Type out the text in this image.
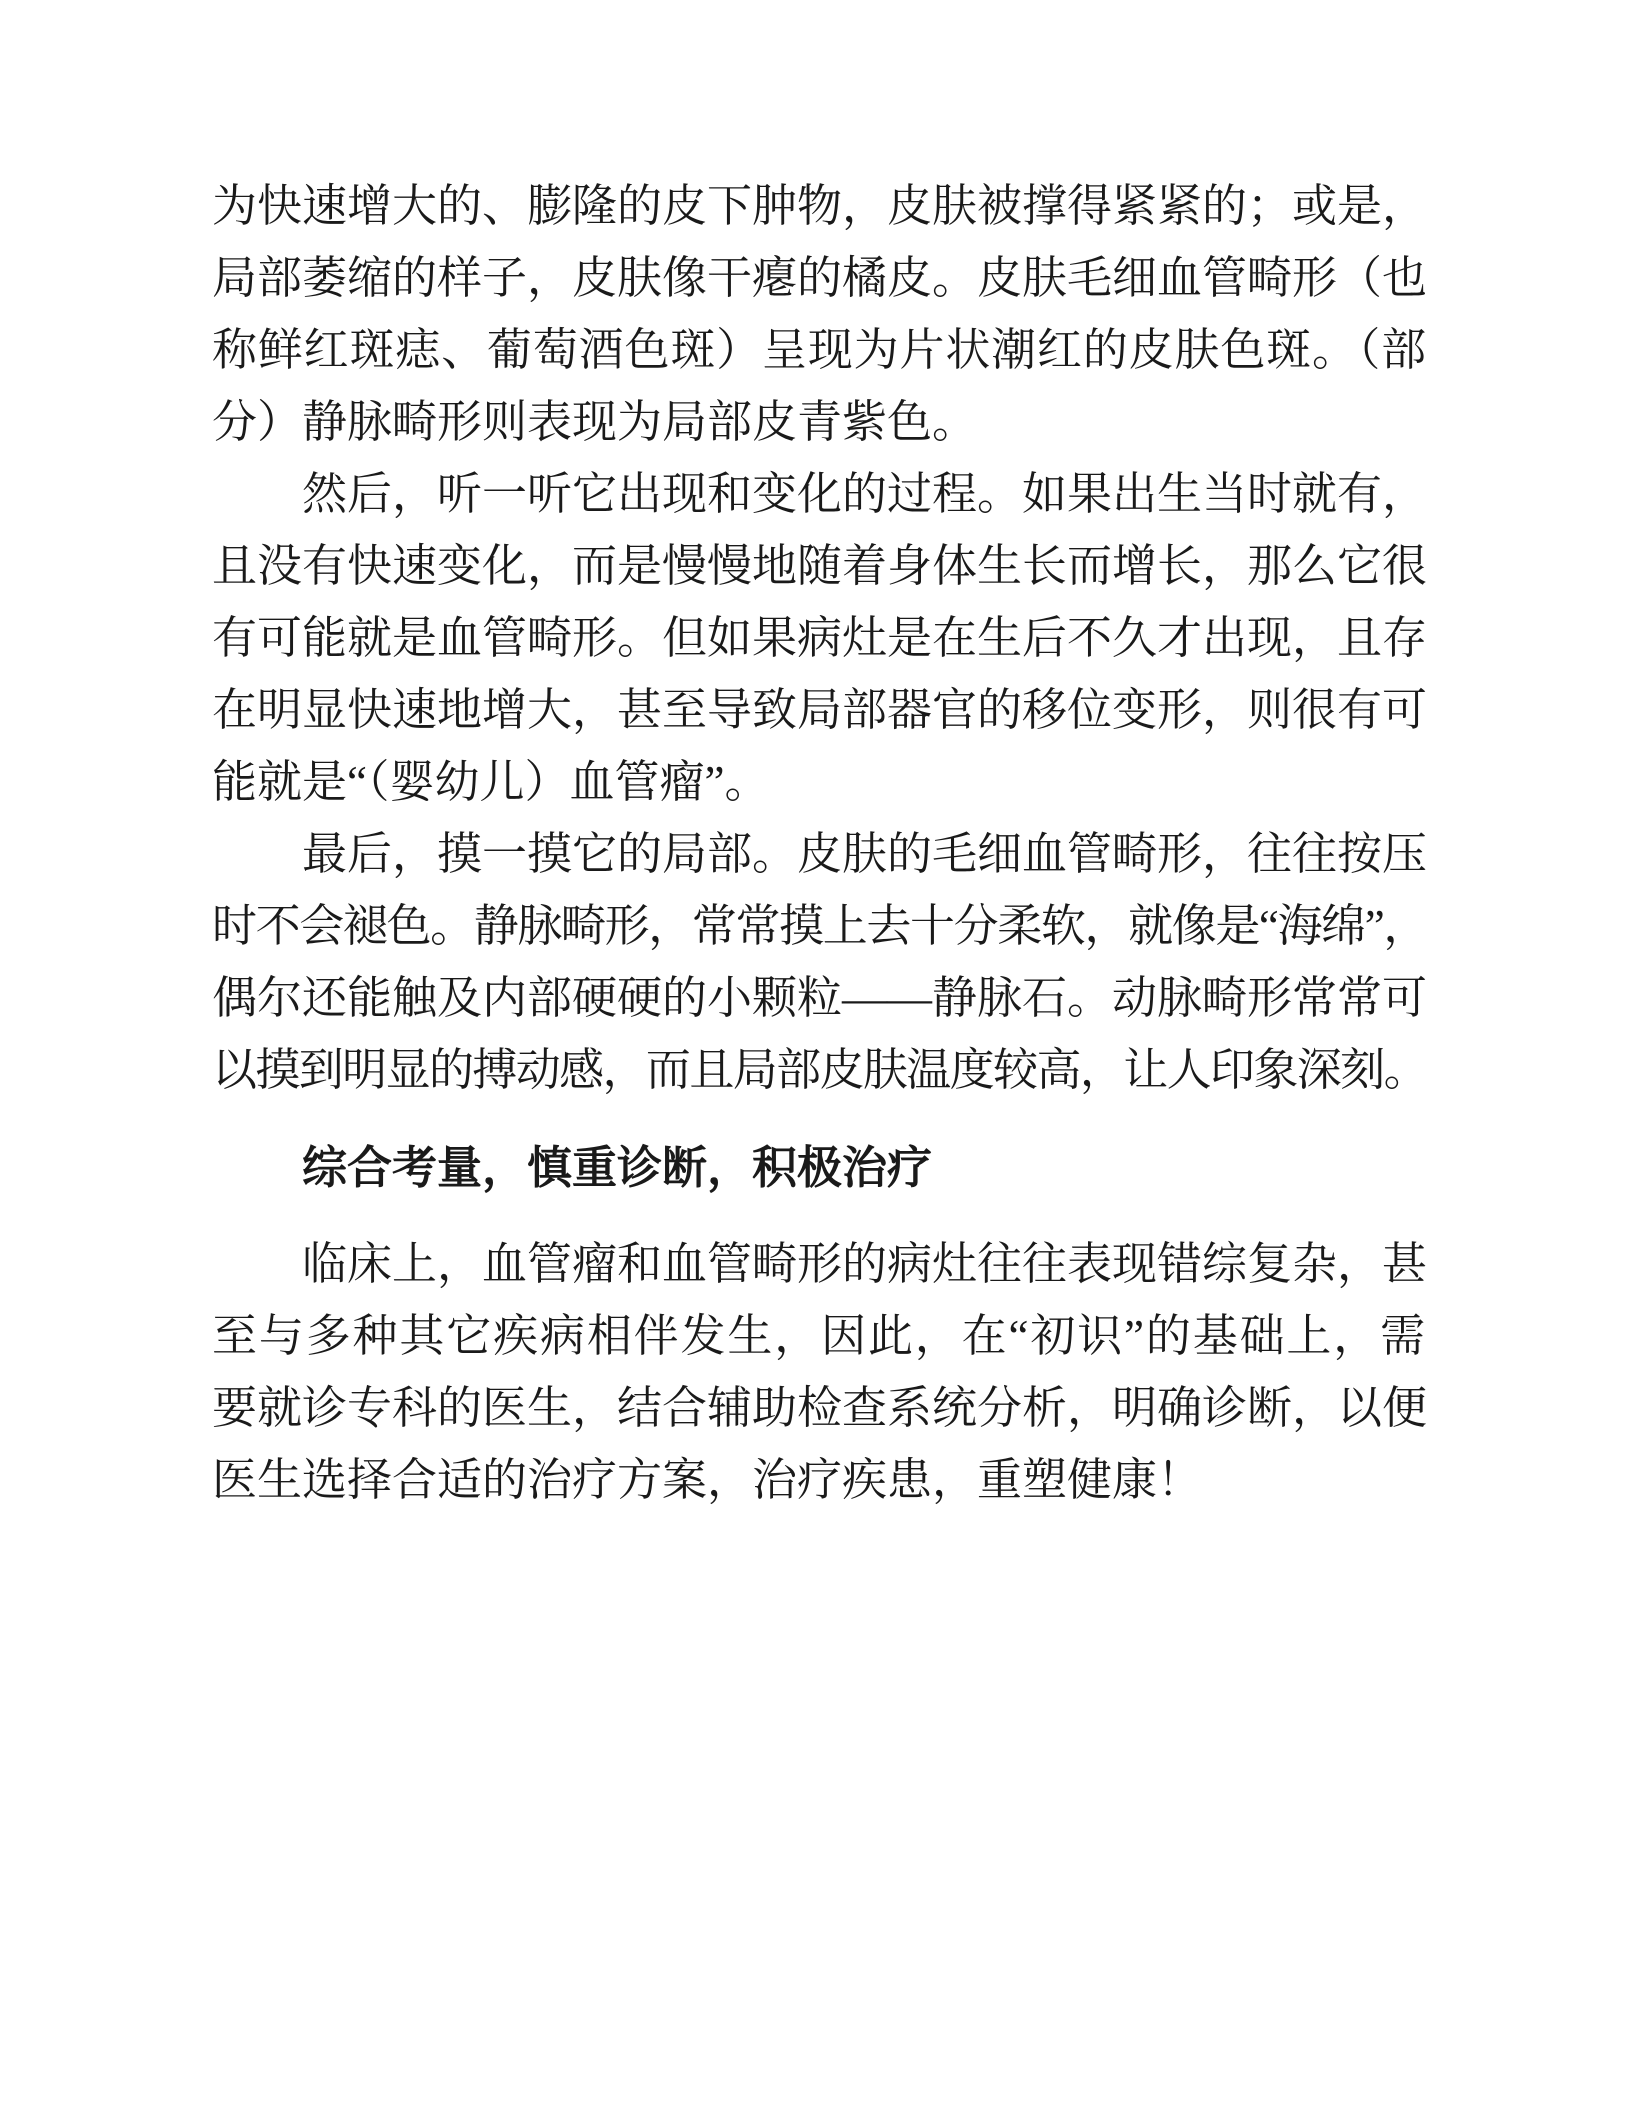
为快速增大的、膨隆的皮下肿物，皮肤被撑得紧紧的；或是，
局部萎缩的样子，皮肤像干瘪的橘皮。皮肤毛细血管畸形（也
称鲜红斑痣、葡萄酒色斑）呈现为片状潮红的皮肤色斑。（部
分）静脉畸形则表现为局部皮青紫色。
然后，听一听它出现和变化的过程。如果出生当时就有，
且没有快速变化，而是慢慢地随着身体生长而增长，那么它很
有可能就是血管畸形。但如果病灶是在生后不久才出现，且存
在明显快速地增大，甚至导致局部器官的移位变形，则很有可
能就是“（婴幼儿）血管瘤”。
最后，摸一摸它的局部。皮肤的毛细血管畸形，往往按压
时不会褪色。静脉畸形，常常摸上去十分柔软，就像是“海绵”，
偶尔还能触及内部硬硬的小颗粒——静脉石。动脉畸形常常可
以摸到明显的搏动感，而且局部皮肤温度较高，让人印象深刻。
综合考量，慎重诊断，积极治疗
临床上，血管瘤和血管畸形的病灶往往表现错综复杂，甚
至与多种其它疾病相伴发生，因此，在“初识”的基础上，需
要就诊专科的医生，结合辅助检查系统分析，明确诊断，以便
医生选择合适的治疗方案，治疗疾患，重塑健康！
